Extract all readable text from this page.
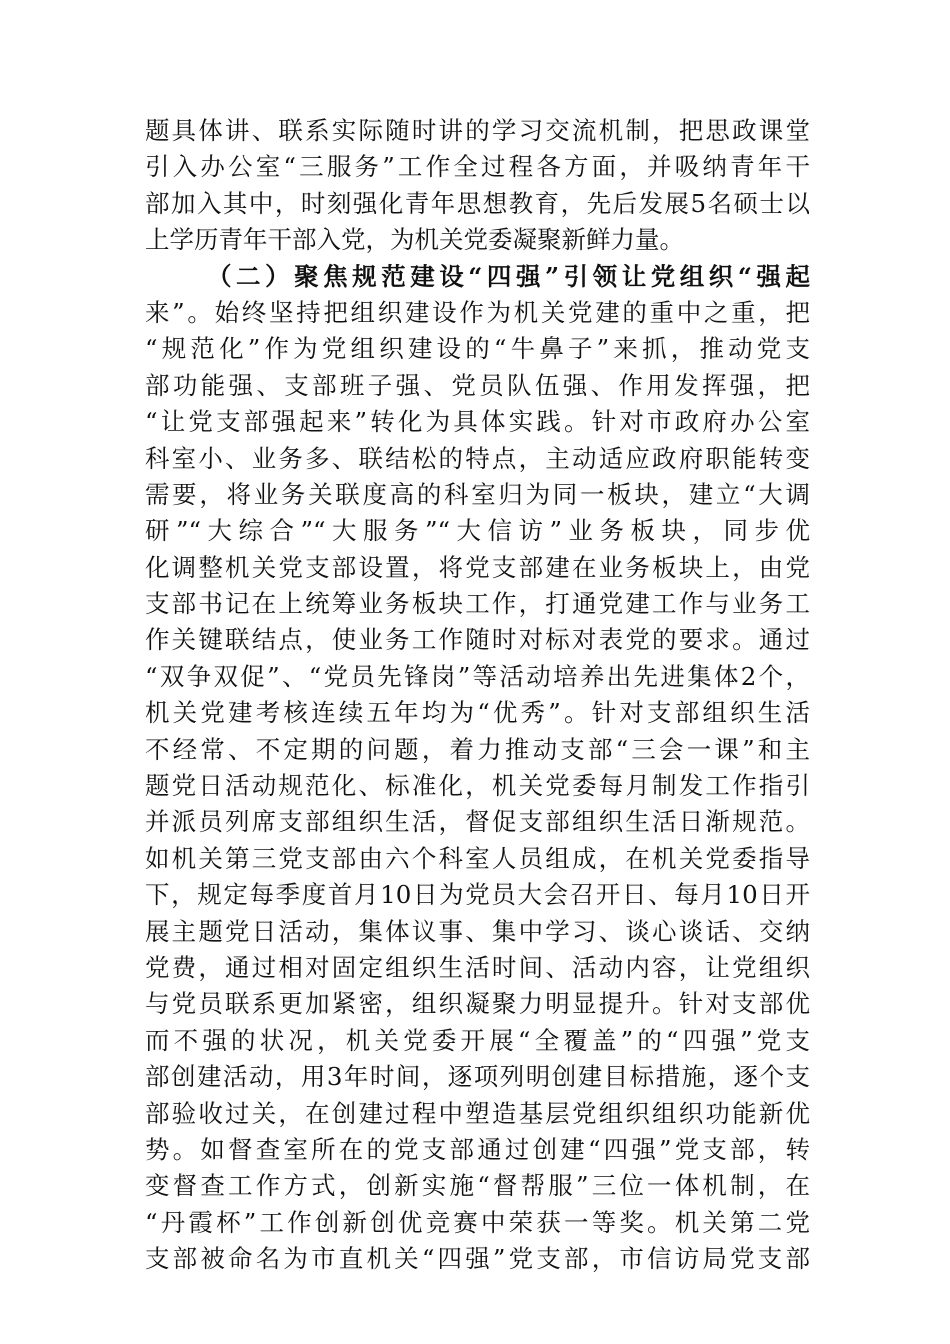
题具体讲、联系实际随时讲的学习交流机制，把思政课堂
引入办公室“三服务”工作全过程各方面，并吸纳青年干
部加入其中，时刻强化青年思想教育，先后发展5名硕士以
上学历青年干部入党，为机关党委凝聚新鲜力量。
（二）聚焦规范建设“四强”引领让党组织“强起
来”。始终坚持把组织建设作为机关党建的重中之重，把
“规范化”作为党组织建设的“牛鼻子”来抓，推动党支
部功能强、支部班子强、党员队伍强、作用发挥强，把
“让党支部强起来”转化为具体实践。针对市政府办公室
科室小、业务多、联结松的特点，主动适应政府职能转变
需要，将业务关联度高的科室归为同一板块，建立“大调
研”“大综合”“大服务”“大信访”业务板块，同步优
化调整机关党支部设置，将党支部建在业务板块上，由党
支部书记在上统筹业务板块工作，打通党建工作与业务工
作关键联结点，使业务工作随时对标对表党的要求。通过
“双争双促”、“党员先锋岗”等活动培养出先进集体2个，
机关党建考核连续五年均为“优秀”。针对支部组织生活
不经常、不定期的问题，着力推动支部“三会一课”和主
题党日活动规范化、标准化，机关党委每月制发工作指引
并派员列席支部组织生活，督促支部组织生活日渐规范。
如机关第三党支部由六个科室人员组成，在机关党委指导
下，规定每季度首月10日为党员大会召开日、每月10日开
展主题党日活动，集体议事、集中学习、谈心谈话、交纳
党费，通过相对固定组织生活时间、活动内容，让党组织
与党员联系更加紧密，组织凝聚力明显提升。针对支部优
而不强的状况，机关党委开展“全覆盖”的“四强”党支
部创建活动，用3年时间，逐项列明创建目标措施，逐个支
部验收过关，在创建过程中塑造基层党组织组织功能新优
势。如督查室所在的党支部通过创建“四强”党支部，转
变督查工作方式，创新实施“督帮服”三位一体机制，在
“丹霞杯”工作创新创优竞赛中荣获一等奖。机关第二党
支部被命名为市直机关“四强”党支部，市信访局党支部
